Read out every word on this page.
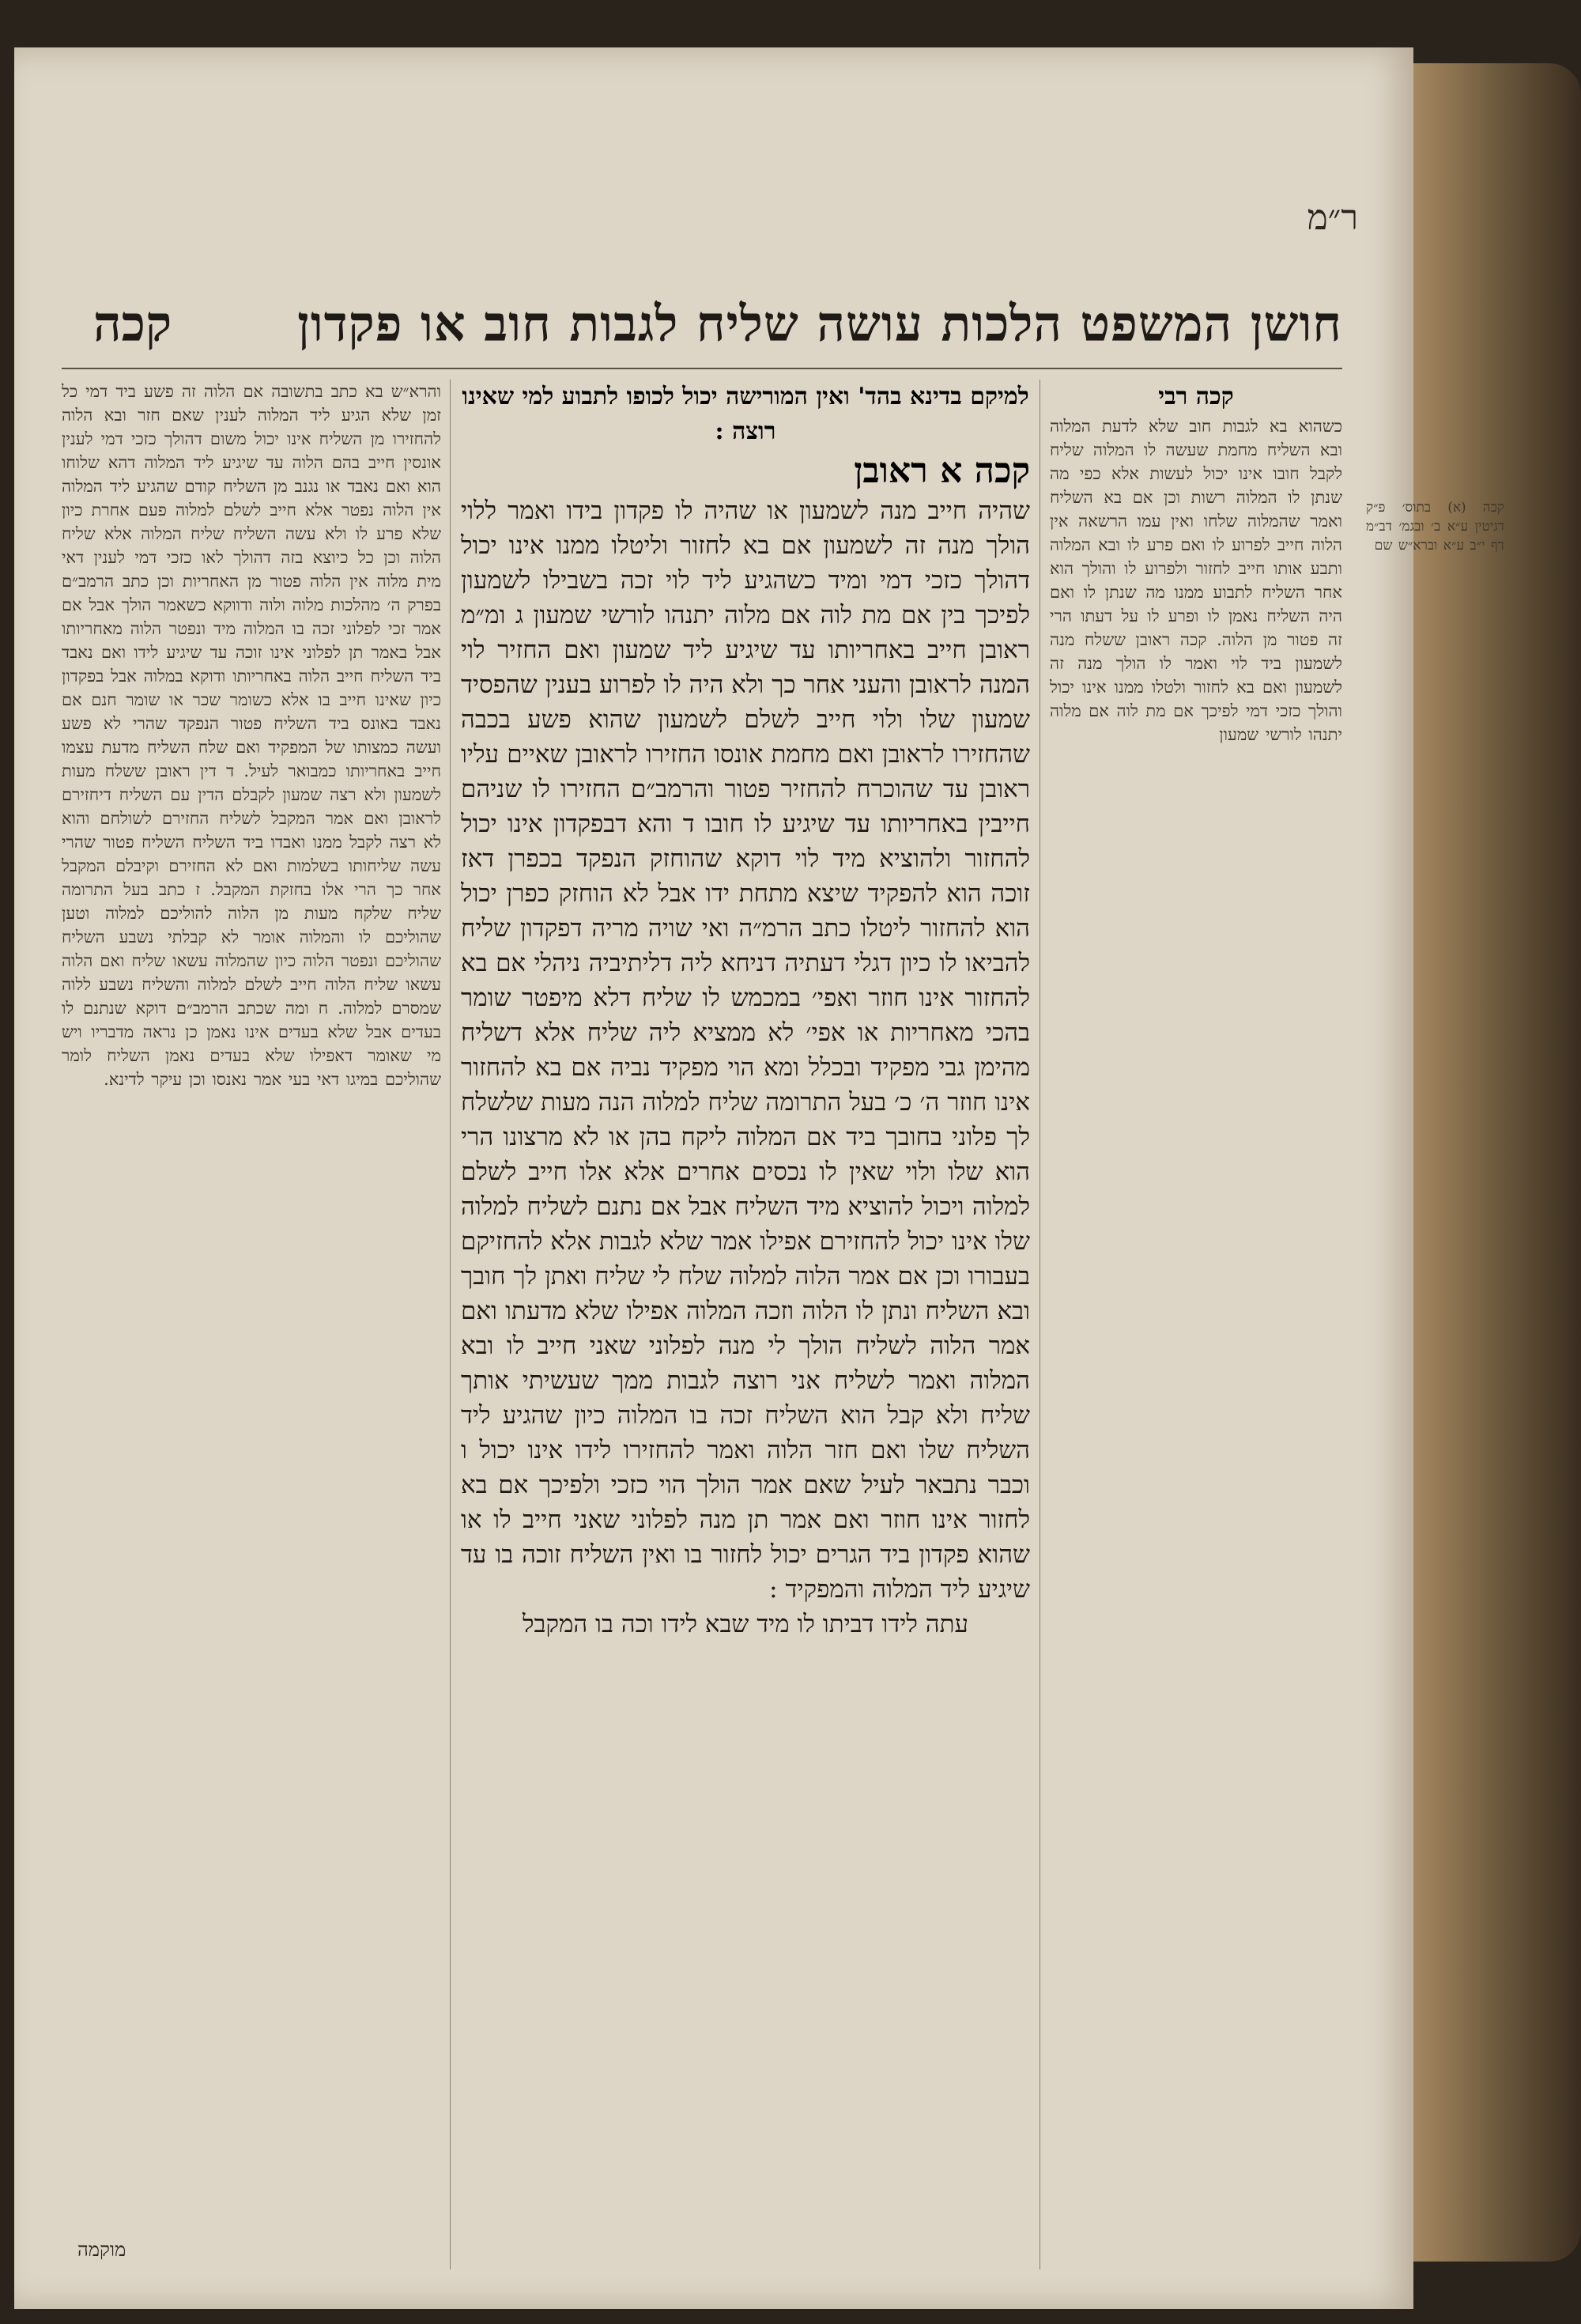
ר״מ
חושן המשפט הלכות עושה שליח לגבות חוב או פקדון
קכה
קכה (א) בתוס׳ פ״ק דגיטין ע״א ב׳ ובגמ׳ דב״מ דף י״ב ע״א וברא״ש שם
קכה רבי
כשהוא בא לגבות חוב שלא לדעת המלוה ובא השליח מחמת שעשה לו המלוה שליח לקבל חובו אינו יכול לעשות אלא כפי מה שנתן לו המלוה רשות וכן אם בא השליח ואמר שהמלוה שלחו ואין עמו הרשאה אין הלוה חייב לפרוע לו ואם פרע לו ובא המלוה ותבע אותו חייב לחזור ולפרוע לו והולך הוא אחר השליח לתבוע ממנו מה שנתן לו ואם היה השליח נאמן לו ופרע לו על דעתו הרי זה פטור מן הלוה. קכה ראובן ששלח מנה לשמעון ביד לוי ואמר לו הולך מנה זה לשמעון ואם בא לחזור ולטלו ממנו אינו יכול והולך כזכי דמי לפיכך אם מת לוה אם מלוה יתנהו לורשי שמעון
למיקם בדינא בהד' ואין המורישה יכול לכופו לתבוע למי שאינו רוצה :
קכה א ראובן
שהיה חייב מנה לשמעון או שהיה לו פקדון בידו ואמר ללוי הולך מנה זה לשמעון אם בא לחזור וליטלו ממנו אינו יכול דהולך כזכי דמי ומיד כשהגיע ליד לוי זכה בשבילו לשמעון לפיכך בין אם מת לוה אם מלוה יתנהו לורשי שמעון ג ומ״מ ראובן חייב באחריותו עד שיגיע ליד שמעון ואם החזיר לוי המנה לראובן והעני אחר כך ולא היה לו לפרוע בענין שהפסיד שמעון שלו ולוי חייב לשלם לשמעון שהוא פשע בכבה שהחזירו לראובן ואם מחמת אונסו החזירו לראובן שאיים עליו ראובן עד שהוכרח להחזיר פטור והרמב״ם החזירו לו שניהם חייבין באחריותו עד שיגיע לו חובו ד והא דבפקדון אינו יכול להחזור ולהוציא מיד לוי דוקא שהוחזק הנפקד בכפרן דאז זוכה הוא להפקיד שיצא מתחת ידו אבל לא הוחזק כפרן יכול הוא להחזור ליטלו כתב הרמ״ה ואי שויה מריה דפקדון שליח להביאו לו כיון דגלי דעתיה דניחא ליה דליתיביה ניהלי אם בא להחזור אינו חוזר ואפי׳ במכמש לו שליח דלא מיפטר שומר בהכי מאחריות או אפי׳ לא ממציא ליה שליח אלא דשליח מהימן גבי מפקיד ובכלל ומא הוי מפקיד נביה אם בא להחזור אינו חוזר ה׳ כ׳ בעל התרומה שליח למלוה הנה מעות שלשלח לך פלוני בחובך ביד אם המלוה ליקח בהן או לא מרצונו הרי הוא שלו ולוי שאין לו נכסים אחרים אלא אלו חייב לשלם למלוה ויכול להוציא מיד השליח אבל אם נתנם לשליח למלוה שלו אינו יכול להחזירם אפילו אמר שלא לגבות אלא להחזיקם בעבורו וכן אם אמר הלוה למלוה שלח לי שליח ואתן לך חובך ובא השליח ונתן לו הלוה וזכה המלוה אפילו שלא מדעתו ואם אמר הלוה לשליח הולך לי מנה לפלוני שאני חייב לו ובא המלוה ואמר לשליח אני רוצה לגבות ממך שעשיתי אותך שליח ולא קבל הוא השליח זכה בו המלוה כיון שהגיע ליד השליח שלו ואם חזר הלוה ואמר להחזירו לידו אינו יכול ו וכבר נתבאר לעיל שאם אמר הולך הוי כזכי ולפיכך אם בא לחזור אינו חוזר ואם אמר תן מנה לפלוני שאני חייב לו או שהוא פקדון ביד הגרים יכול לחזור בו ואין השליח זוכה בו עד שיגיע ליד המלוה והמפקיד :
עתה לידו דביתו לו מיד שבא לידו וכה בו המקבל
והרא״ש בא כתב בתשובה אם הלוה זה פשע ביד דמי כל זמן שלא הגיע ליד המלוה לענין שאם חזר ובא הלוה להחזירו מן השליח אינו יכול משום דהולך כזכי דמי לענין אונסין חייב בהם הלוה עד שיגיע ליד המלוה דהא שלוחו הוא ואם נאבד או נגנב מן השליח קודם שהגיע ליד המלוה אין הלוה נפטר אלא חייב לשלם למלוה פעם אחרת כיון שלא פרע לו ולא עשה השליח שליח המלוה אלא שליח הלוה וכן כל כיוצא בזה דהולך לאו כזכי דמי לענין דאי מית מלוה אין הלוה פטור מן האחריות וכן כתב הרמב״ם בפרק ה׳ מהלכות מלוה ולוה ודווקא כשאמר הולך אבל אם אמר זכי לפלוני זכה בו המלוה מיד ונפטר הלוה מאחריותו אבל באמר תן לפלוני אינו זוכה עד שיגיע לידו ואם נאבד ביד השליח חייב הלוה באחריותו ודוקא במלוה אבל בפקדון כיון שאינו חייב בו אלא כשומר שכר או שומר חנם אם נאבד באונס ביד השליח פטור הנפקד שהרי לא פשע ועשה כמצותו של המפקיד ואם שלח השליח מדעת עצמו חייב באחריותו כמבואר לעיל. ד דין ראובן ששלח מעות לשמעון ולא רצה שמעון לקבלם הדין עם השליח דיחזירם לראובן ואם אמר המקבל לשליח החזירם לשולחם והוא לא רצה לקבל ממנו ואבדו ביד השליח השליח פטור שהרי עשה שליחותו בשלמות ואם לא החזירם וקיבלם המקבל אחר כך הרי אלו בחזקת המקבל. ז כתב בעל התרומה שליח שלקח מעות מן הלוה להוליכם למלוה וטען שהוליכם לו והמלוה אומר לא קבלתי נשבע השליח שהוליכם ונפטר הלוה כיון שהמלוה עשאו שליח ואם הלוה עשאו שליח הלוה חייב לשלם למלוה והשליח נשבע ללוה שמסרם למלוה. ח ומה שכתב הרמב״ם דוקא שנתנם לו בעדים אבל שלא בעדים אינו נאמן כן נראה מדבריו ויש מי שאומר דאפילו שלא בעדים נאמן השליח לומר שהוליכם במיגו דאי בעי אמר נאנסו וכן עיקר לדינא.
מוקמה
